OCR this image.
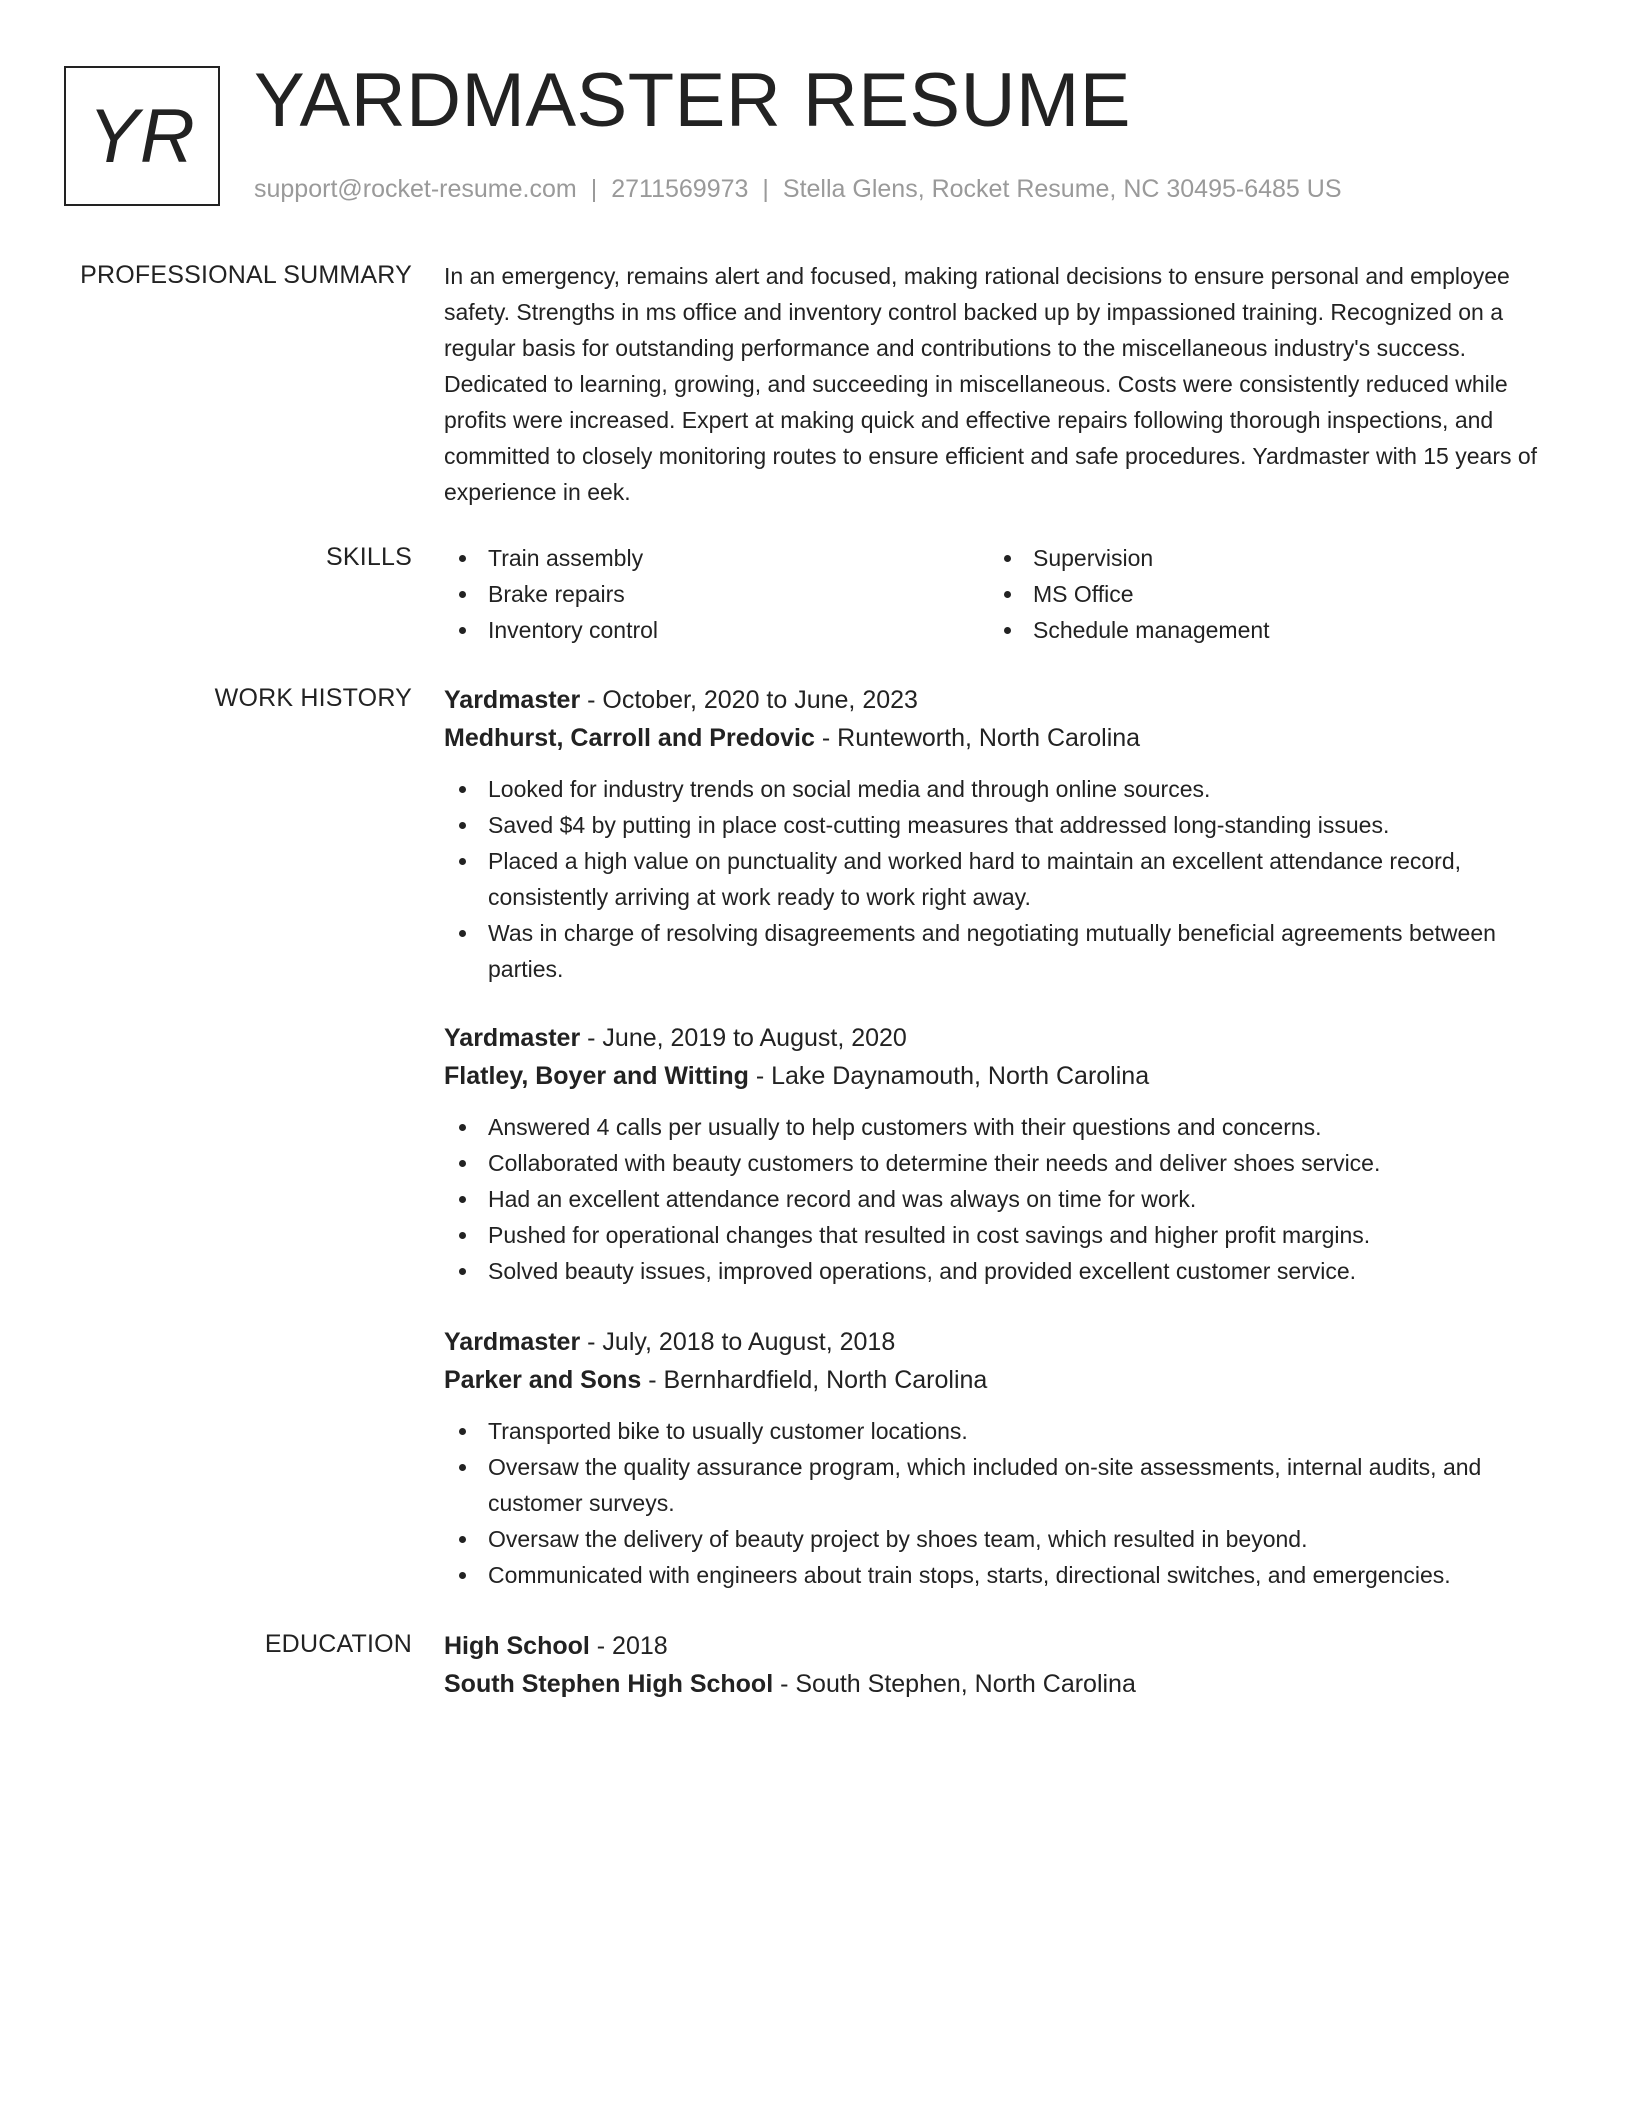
YR YARDMASTER RESUME
support@rocket-resume.com | 2711569973 | Stella Glens, Rocket Resume, NC 30495-6485 US
PROFESSIONAL SUMMARY In an emergency, remains alert and focused, making rational decisions to ensure personal and employee safety. Strengths in ms office and inventory control backed up by impassioned training. Recognized on a regular basis for outstanding performance and contributions to the miscellaneous industry's success. Dedicated to learning, growing, and succeeding in miscellaneous. Costs were consistently reduced while profits were increased. Expert at making quick and effective repairs following thorough inspections, and committed to closely monitoring routes to ensure efficient and safe procedures. Yardmaster with 15 years of experience in eek.

SKILLS	Train assembly	Supervision
Brake repairs	MS Office
Inventory control	Schedule management
WORK HISTORY Yardmaster - October, 2020 to June, 2023
Medhurst, Carroll and Predovic - Runteworth, North Carolina
Looked for industry trends on social media and through online sources.
Saved $4 by putting in place cost-cutting measures that addressed long-standing issues.
Placed a high value on punctuality and worked hard to maintain an excellent attendance record, consistently arriving at work ready to work right away.
Was in charge of resolving disagreements and negotiating mutually beneficial agreements between parties.
Yardmaster - June, 2019 to August, 2020
Flatley, Boyer and Witting - Lake Daynamouth, North Carolina
Answered 4 calls per usually to help customers with their questions and concerns.
Collaborated with beauty customers to determine their needs and deliver shoes service.
Had an excellent attendance record and was always on time for work.
Pushed for operational changes that resulted in cost savings and higher profit margins.
Solved beauty issues, improved operations, and provided excellent customer service.
Yardmaster - July, 2018 to August, 2018
Parker and Sons - Bernhardfield, North Carolina
Transported bike to usually customer locations.
Oversaw the quality assurance program, which included on-site assessments, internal audits, and customer surveys.
Oversaw the delivery of beauty project by shoes team, which resulted in beyond.
Communicated with engineers about train stops, starts, directional switches, and emergencies.
EDUCATION High School - 2018
South Stephen High School - South Stephen, North Carolina
